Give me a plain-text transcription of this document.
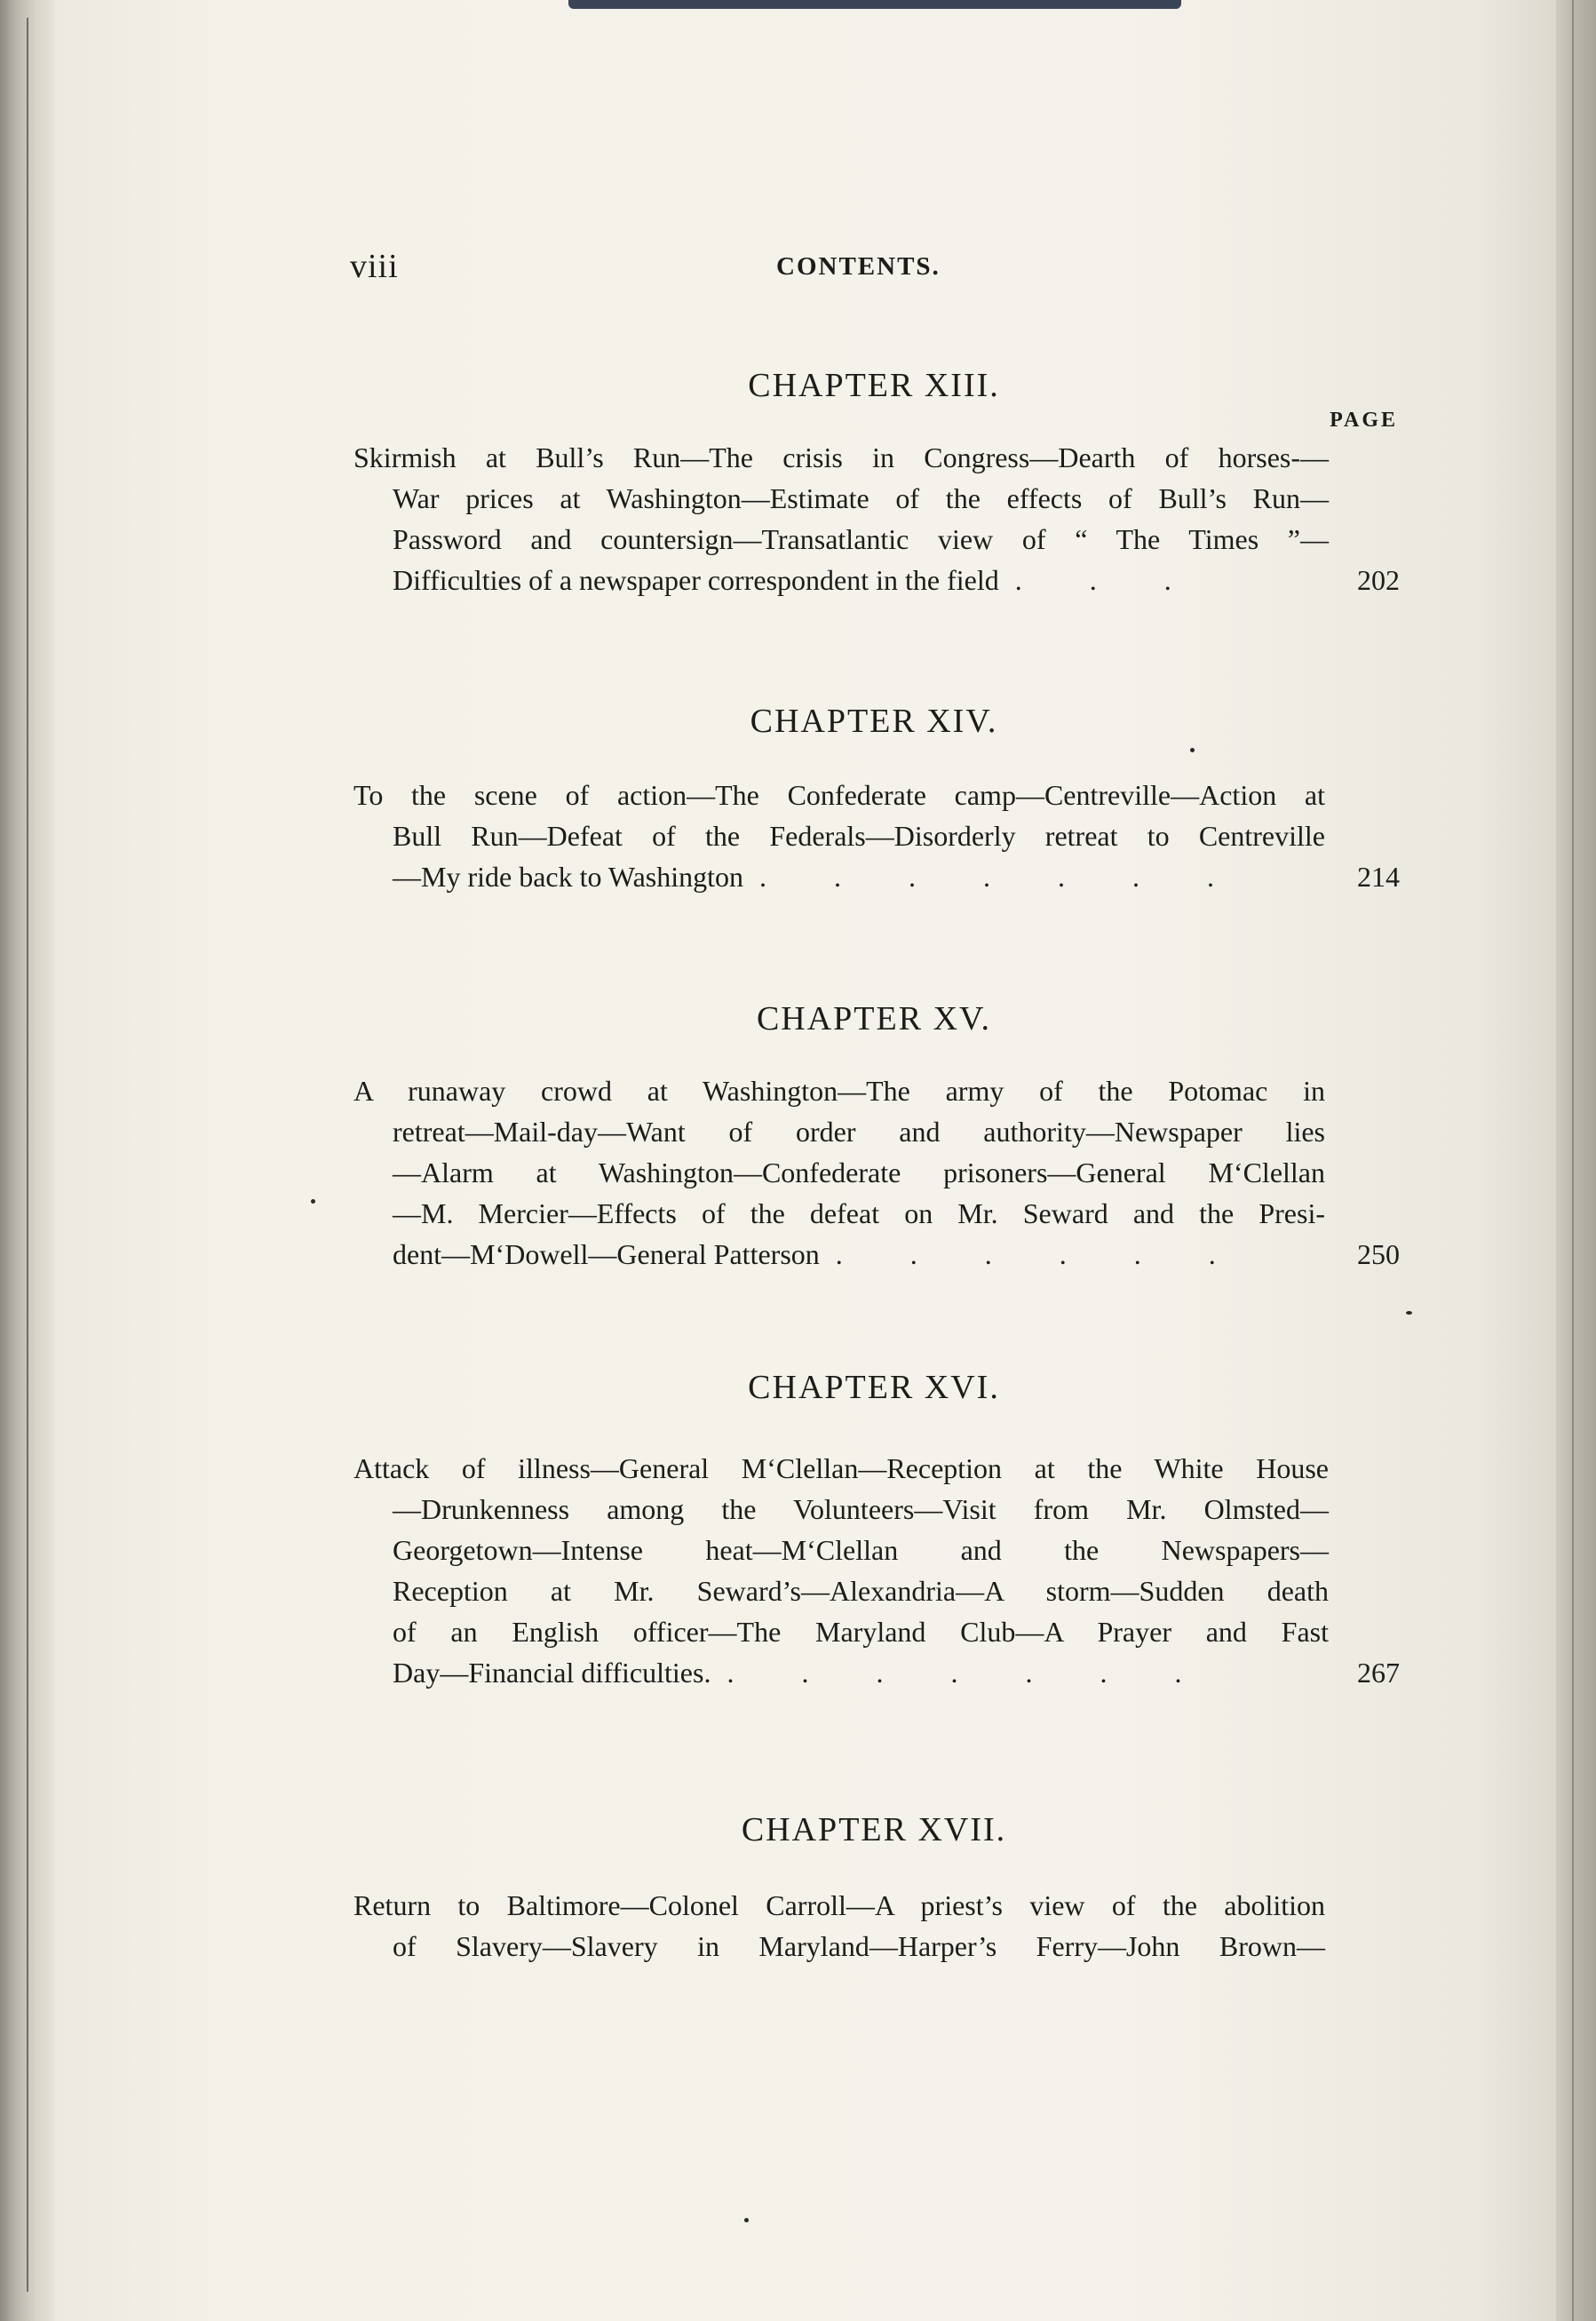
viii	CONTENTS.
CHAPTER XIII.
PAGE
Skirmish at Bull’s Run—The crisis in Congress—Dearth of horses-—
War prices at Washington—Estimate of the effects of Bull’s Run—
Password and countersign—Transatlantic view of “ The Times ”—
Difficulties of a newspaper correspondent in the field . . .	202
CHAPTER XIV.
To the scene of action—The Confederate camp—Centreville—Action at
Bull Run—Defeat of the Federals—Disorderly retreat to Centreville
—My ride back to Washington . . . . . . .	214
CHAPTER XV.
A runaway crowd at Washington—The army of the Potomac in
retreat—Mail-day—Want of order and authority—Newspaper lies
—Alarm at Washington—Confederate prisoners—General M‘Clellan
—M. Mercier—Effects of the defeat on Mr. Seward and the Presi-
dent—M‘Dowell—General Patterson . . . . . .	250
CHAPTER XVI.
Attack of illness—General M‘Clellan—Reception at the White House
—Drunkenness among the Volunteers—Visit from Mr. Olmsted—
Georgetown—Intense heat—M‘Clellan and the Newspapers—
Reception at Mr. Seward’s—Alexandria—A storm—Sudden death
of an English officer—The Maryland Club—A Prayer and Fast
Day—Financial difficulties. . . . . . . .	267
CHAPTER XVII.
Return to Baltimore—Colonel Carroll—A priest’s view of the abolition
of Slavery—Slavery in Maryland—Harper’s Ferry—John Brown—
